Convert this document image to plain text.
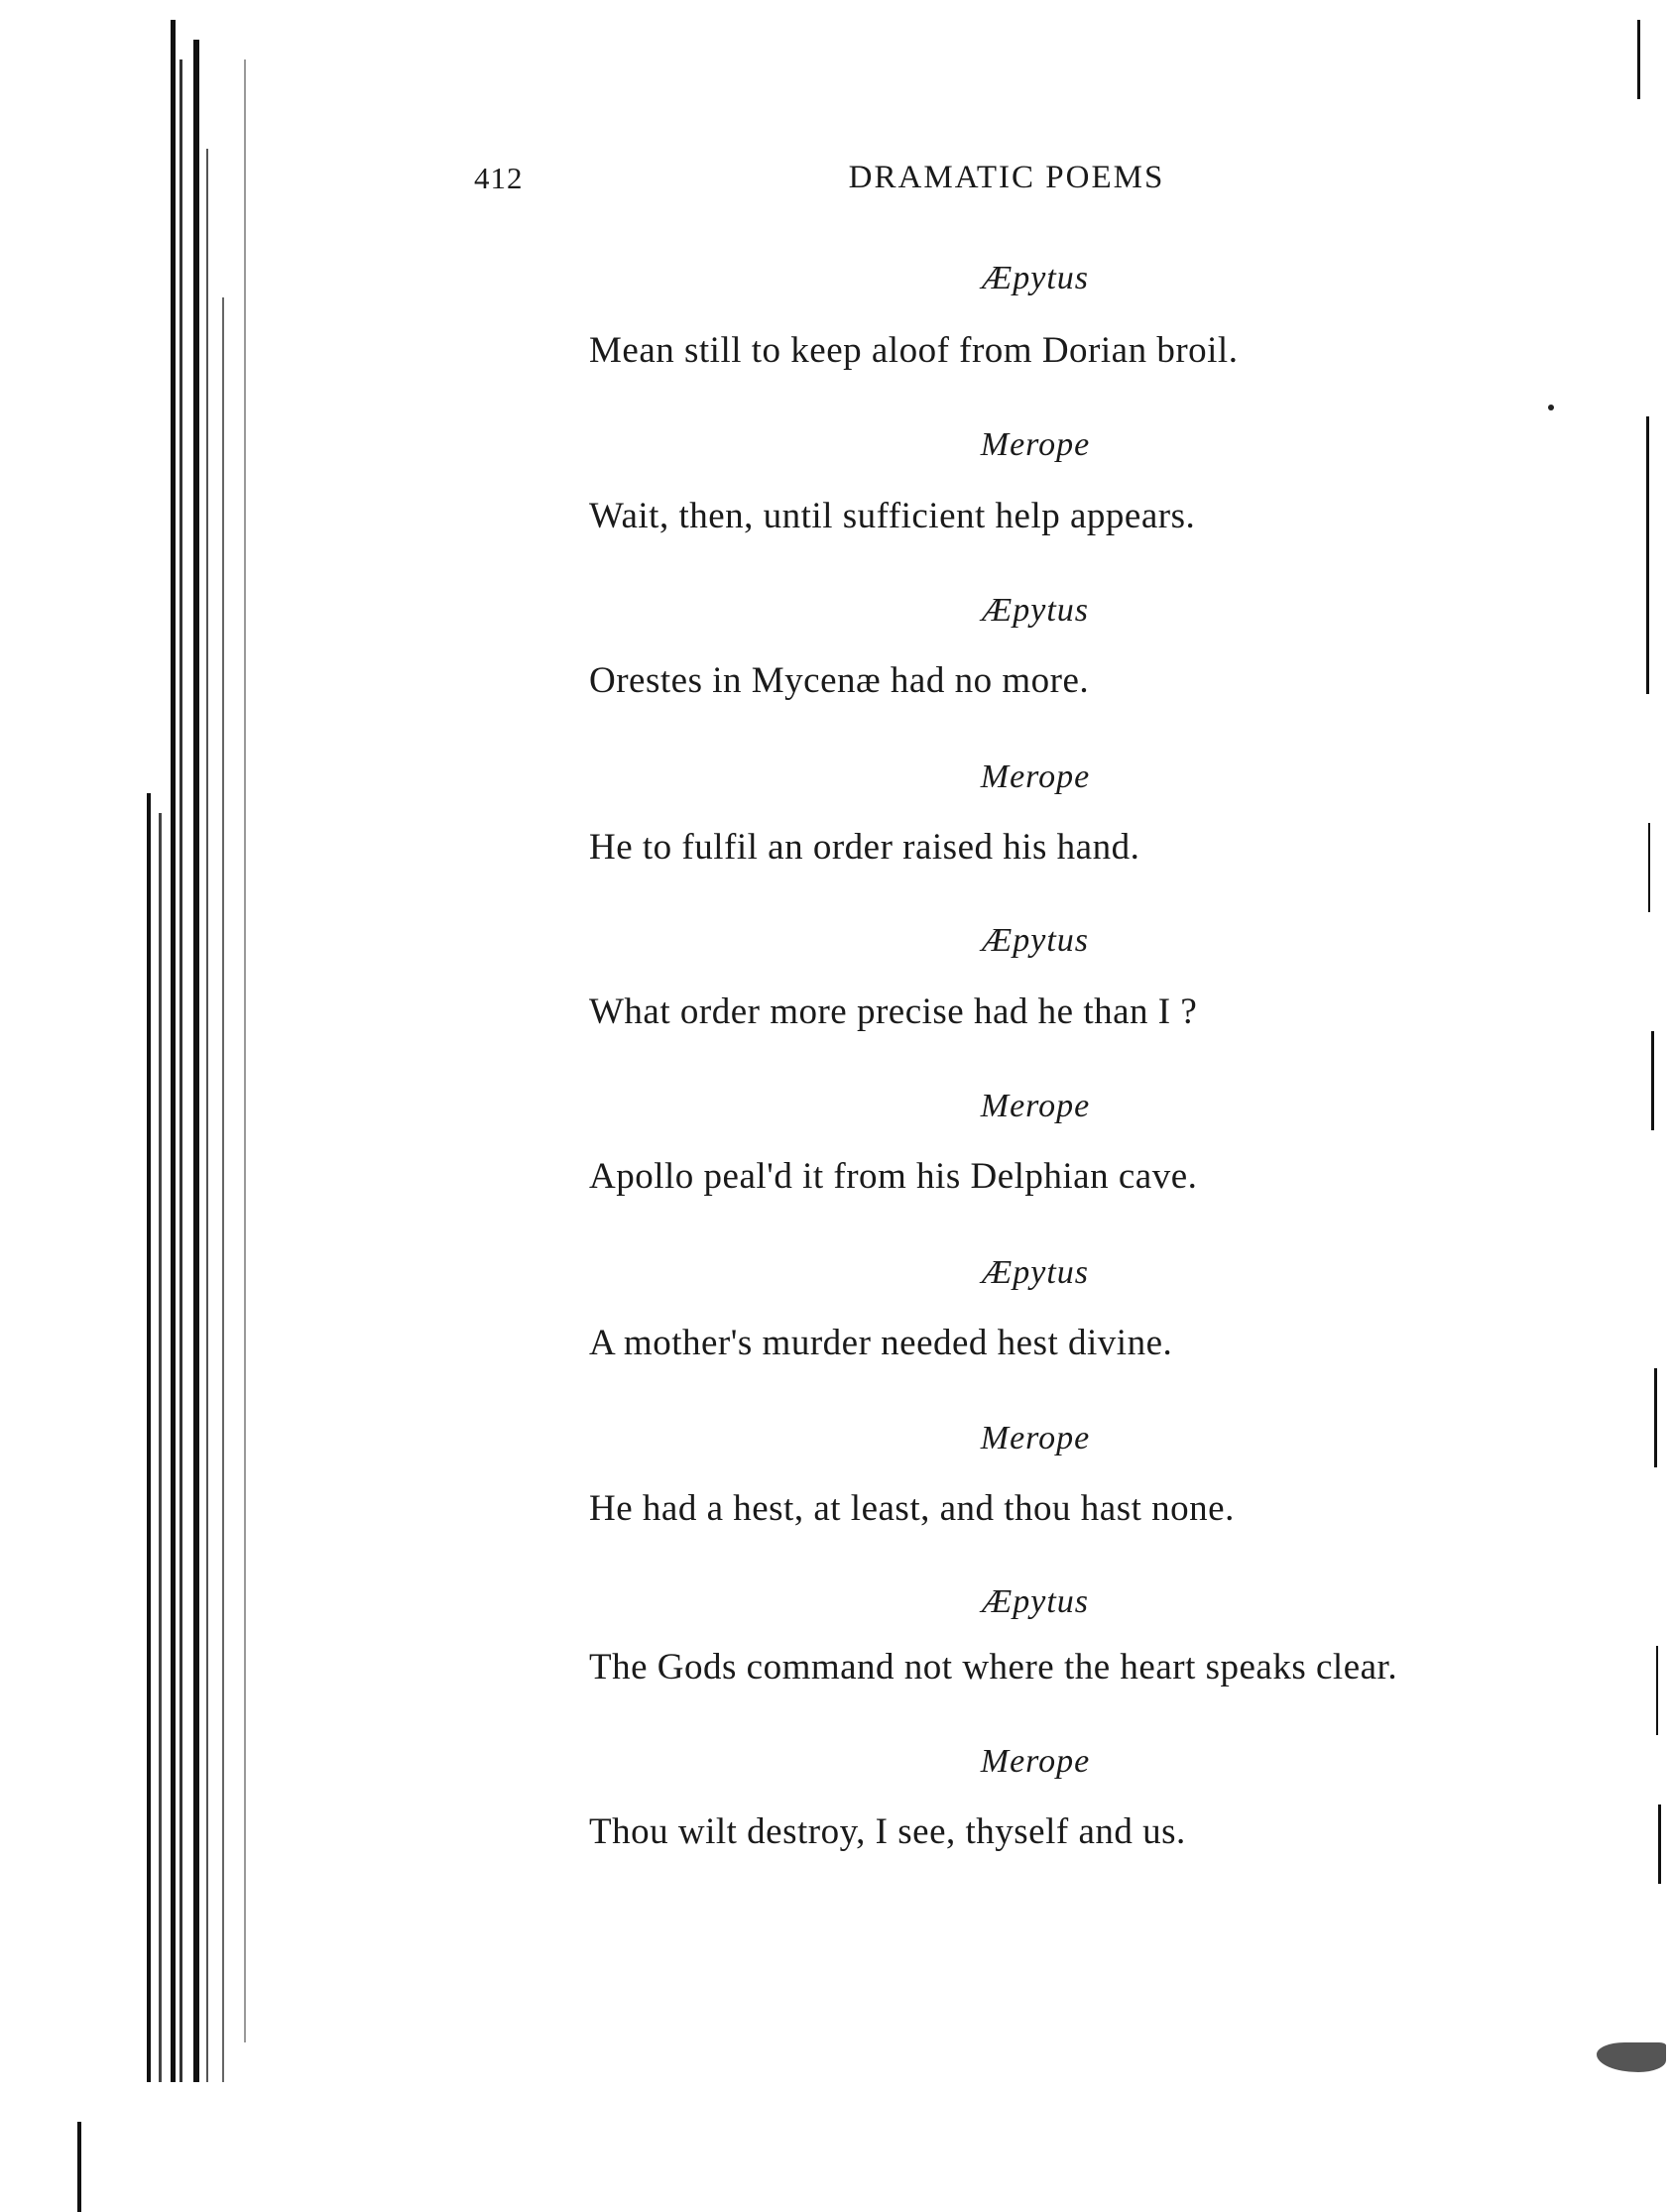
412	DRAMATIC POEMS
Æpytus
Mean still to keep aloof from Dorian broil.
Merope
Wait, then, until sufficient help appears.
Æpytus
Orestes in Mycenæ had no more.
Merope
He to fulfil an order raised his hand.
Æpytus
What order more precise had he than I ?
Merope
Apollo peal'd it from his Delphian cave.
Æpytus
A mother's murder needed hest divine.
Merope
He had a hest, at least, and thou hast none.
Æpytus
The Gods command not where the heart speaks clear.
Merope
Thou wilt destroy, I see, thyself and us.
